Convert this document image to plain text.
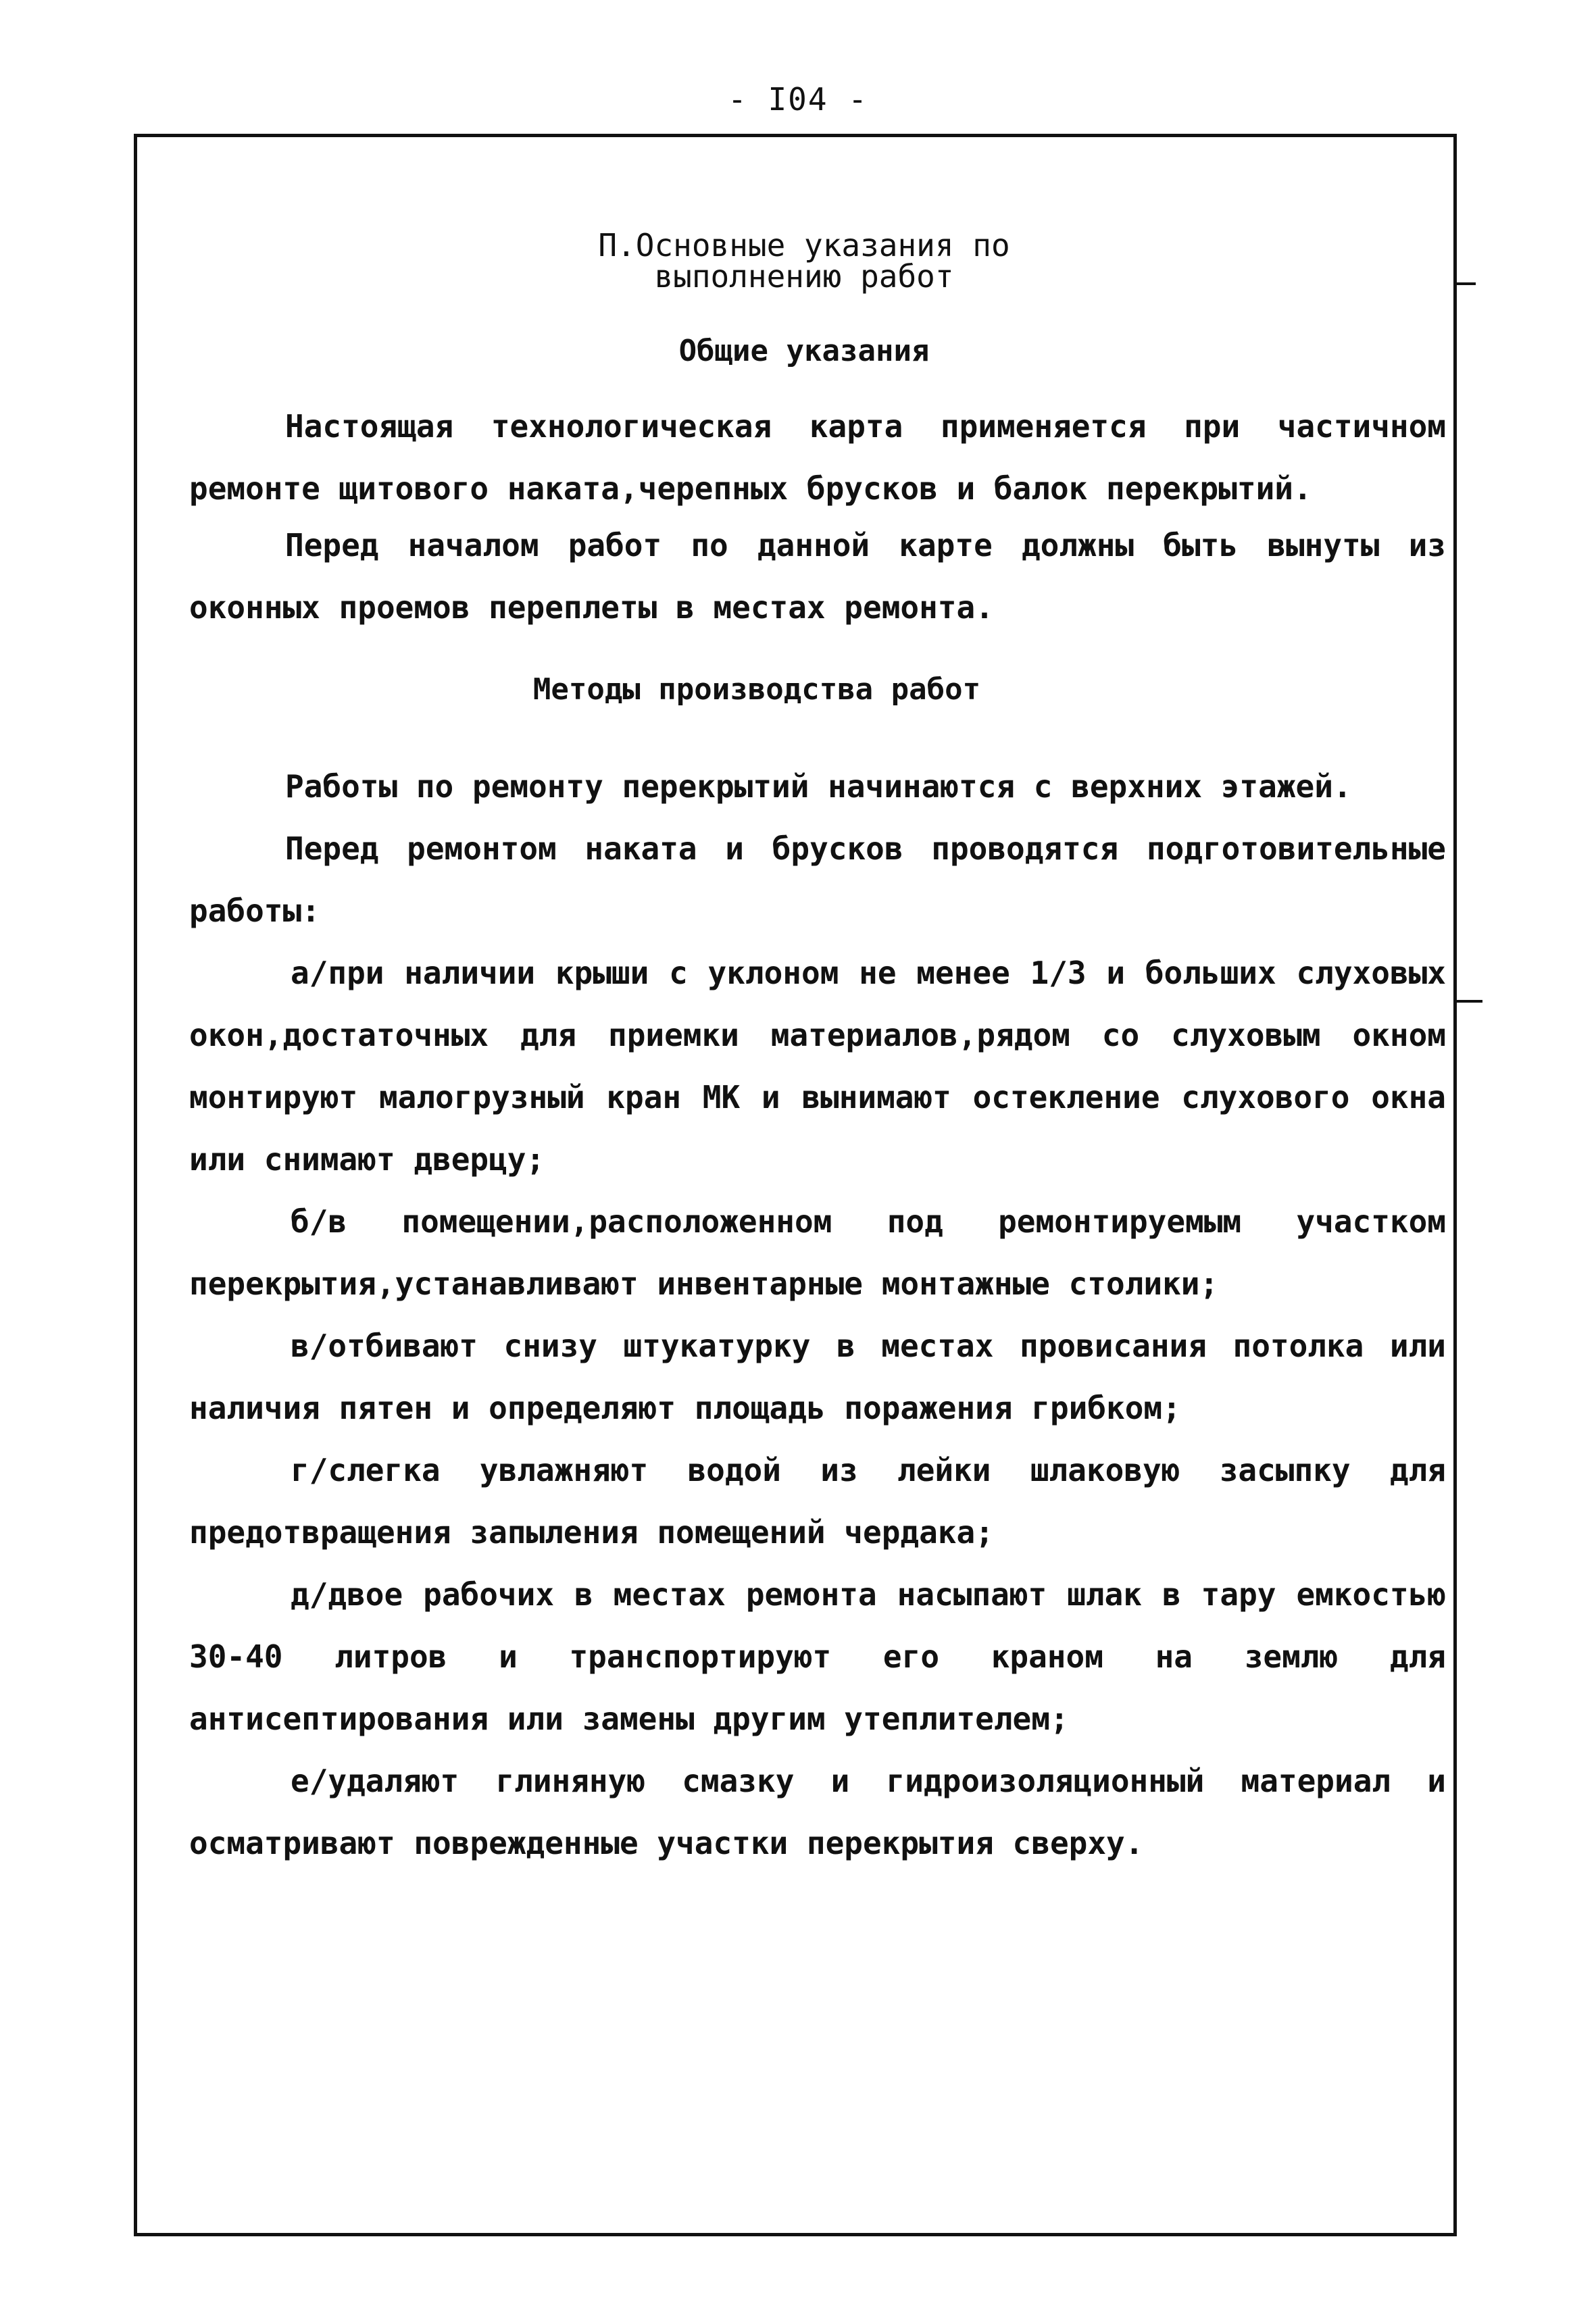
- I04 -
П.Основные указания по
выполнению работ
Общие указания

Настоящая технологическая карта применяется при частичном ремонте щитового наката,черепных брусков и балок перекрытий.

Перед началом работ по данной карте должны быть вынуты из оконных проемов переплеты в местах ремонта.

Методы производства работ

Работы по ремонту перекрытий начинаются с верхних этажей.

Перед ремонтом наката и брусков проводятся подготовительные работы:

а/при наличии крыши с уклоном не менее 1/3 и больших слуховых окон,достаточных для приемки материалов,рядом со слуховым окном монтируют малогрузный кран МК и вынимают остекление слухового окна или снимают дверцу;

б/в помещении,расположенном под ремонтируемым участком перекрытия,устанавливают инвентарные монтажные столики;

в/отбивают снизу штукатурку в местах провисания потолка или наличия пятен и определяют площадь поражения грибком;

г/слегка увлажняют водой из лейки шлаковую засыпку для предотвращения запыления помещений чердака;

д/двое рабочих в местах ремонта насыпают шлак в тару емкостью 30-40 литров и транспортируют его краном на землю для антисептирования или замены другим утеплителем;

е/удаляют глиняную смазку и гидроизоляционный материал и осматривают поврежденные участки перекрытия сверху.
